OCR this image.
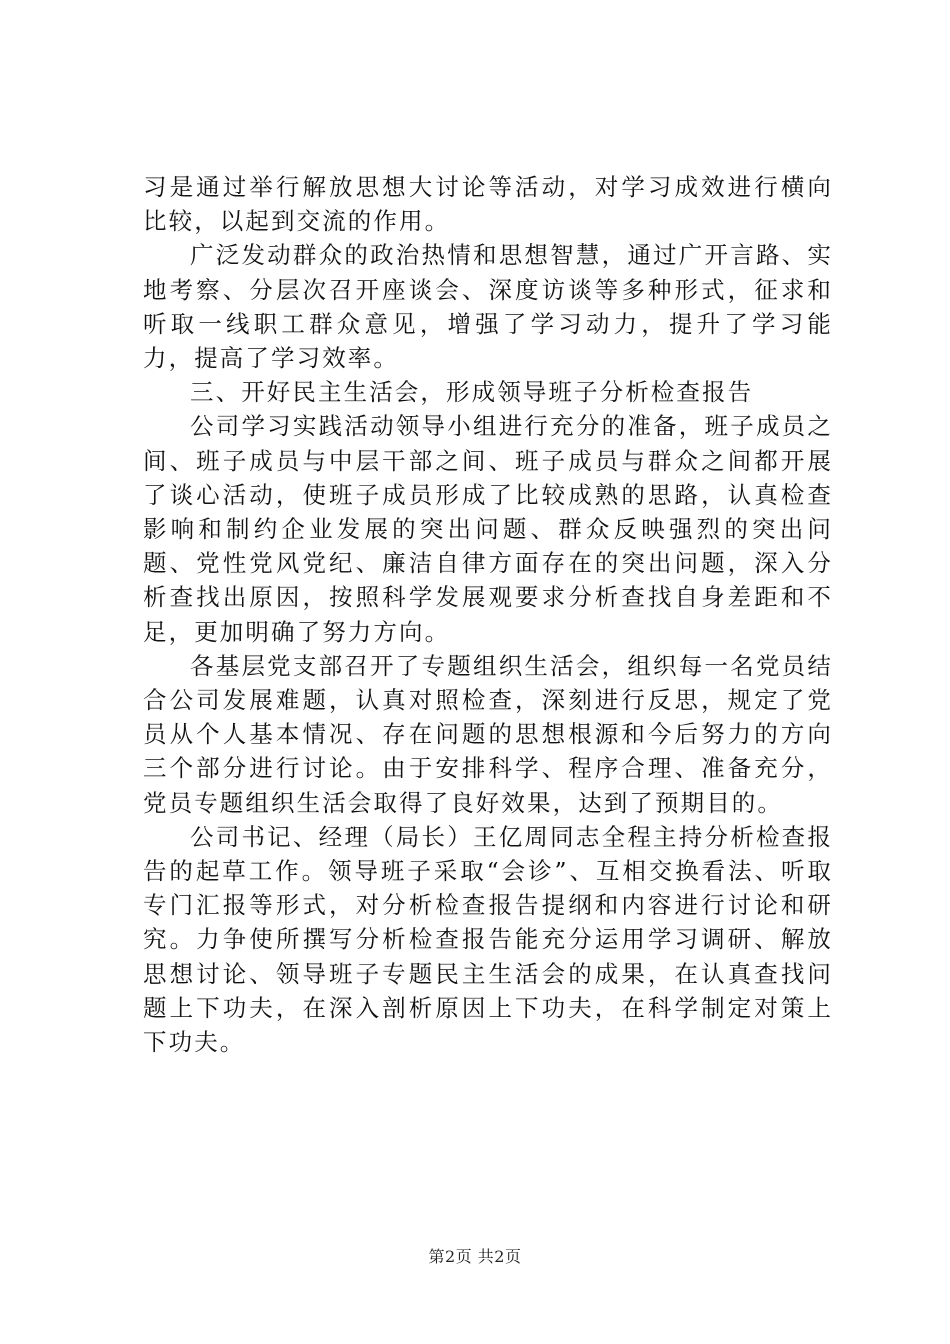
习是通过举行解放思想大讨论等活动，对学习成效进行横向比较，以起到交流的作用。

广泛发动群众的政治热情和思想智慧，通过广开言路、实地考察、分层次召开座谈会、深度访谈等多种形式，征求和听取一线职工群众意见，增强了学习动力，提升了学习能力，提高了学习效率。

三、开好民主生活会，形成领导班子分析检查报告

公司学习实践活动领导小组进行充分的准备，班子成员之间、班子成员与中层干部之间、班子成员与群众之间都开展了谈心活动，使班子成员形成了比较成熟的思路，认真检查影响和制约企业发展的突出问题、群众反映强烈的突出问题、党性党风党纪、廉洁自律方面存在的突出问题，深入分析查找出原因，按照科学发展观要求分析查找自身差距和不足，更加明确了努力方向。

各基层党支部召开了专题组织生活会，组织每一名党员结合公司发展难题，认真对照检查，深刻进行反思，规定了党员从个人基本情况、存在问题的思想根源和今后努力的方向三个部分进行讨论。由于安排科学、程序合理、准备充分，党员专题组织生活会取得了良好效果，达到了预期目的。

公司书记、经理（局长）王亿周同志全程主持分析检查报告的起草工作。领导班子采取“会诊”、互相交换看法、听取专门汇报等形式，对分析检查报告提纲和内容进行讨论和研究。力争使所撰写分析检查报告能充分运用学习调研、解放思想讨论、领导班子专题民主生活会的成果，在认真查找问题上下功夫，在深入剖析原因上下功夫，在科学制定对策上下功夫。

第2页 共2页
